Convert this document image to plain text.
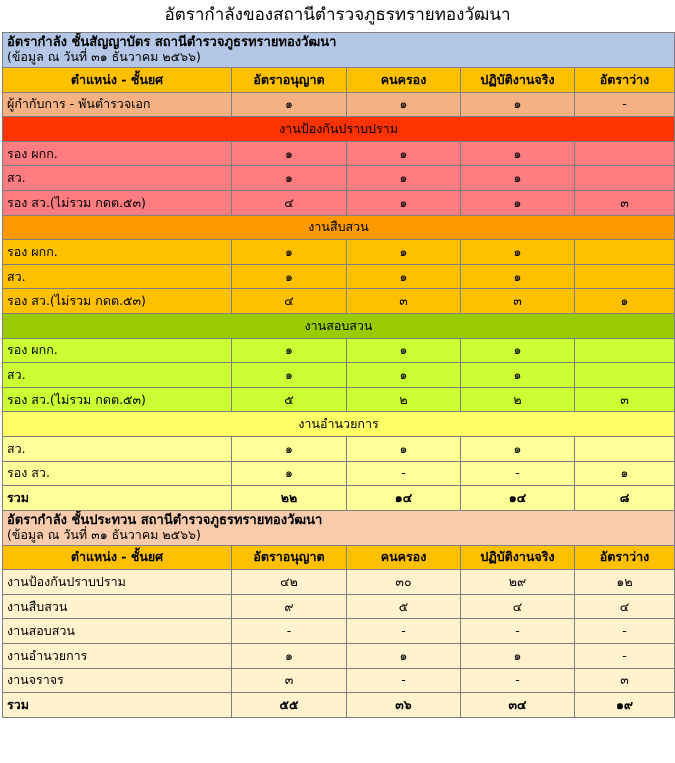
อัตรากำลังของสถานีตำรวจภูธรทรายทองวัฒนา
อัตรากำลัง ชั้นสัญญาบัตร สถานีตำรวจภูธรทรายทองวัฒนา
(ข้อมูล ณ วันที่ ๓๑ ธันวาคม ๒๕๖๖)				

ตำแหน่ง - ชั้นยศ	อัตราอนุญาต	คนครอง	ปฏิบัติงานจริง	อัตราว่าง
ผู้กำกับการ - พันตำรวจเอก	๑	๑	๑	-
งานป้องกันปราบปราม				
รอง ผกก.	๑	๑	๑	
สว.	๑	๑	๑	
รอง สว.(ไม่รวม กดต.๕๓)	๔	๑	๑	๓
งานสืบสวน				
รอง ผกก.	๑	๑	๑	
สว.	๑	๑	๑	
รอง สว.(ไม่รวม กดต.๕๓)	๔	๓	๓	๑
งานสอบสวน				
รอง ผกก.	๑	๑	๑	
สว.	๑	๑	๑	
รอง สว.(ไม่รวม กดต.๕๓)	๕	๒	๒	๓
งานอำนวยการ				
สว.	๑	๑	๑	
รอง สว.	๑	-	-	๑
รวม	๒๒	๑๔	๑๔	๘

อัตรากำลัง ชั้นประทวน สถานีตำรวจภูธรทรายทองวัฒนา
(ข้อมูล ณ วันที่ ๓๑ ธันวาคม ๒๕๖๖)				

ตำแหน่ง - ชั้นยศ	อัตราอนุญาต	คนครอง	ปฏิบัติงานจริง	อัตราว่าง
งานป้องกันปราบปราม	๔๒	๓๐	๒๙	๑๒
งานสืบสวน	๙	๕	๔	๔
งานสอบสวน	-	-	-	-
งานอำนวยการ	๑	๑	๑	-
งานจราจร	๓	-	-	๓
รวม	๕๕	๓๖	๓๔	๑๙
